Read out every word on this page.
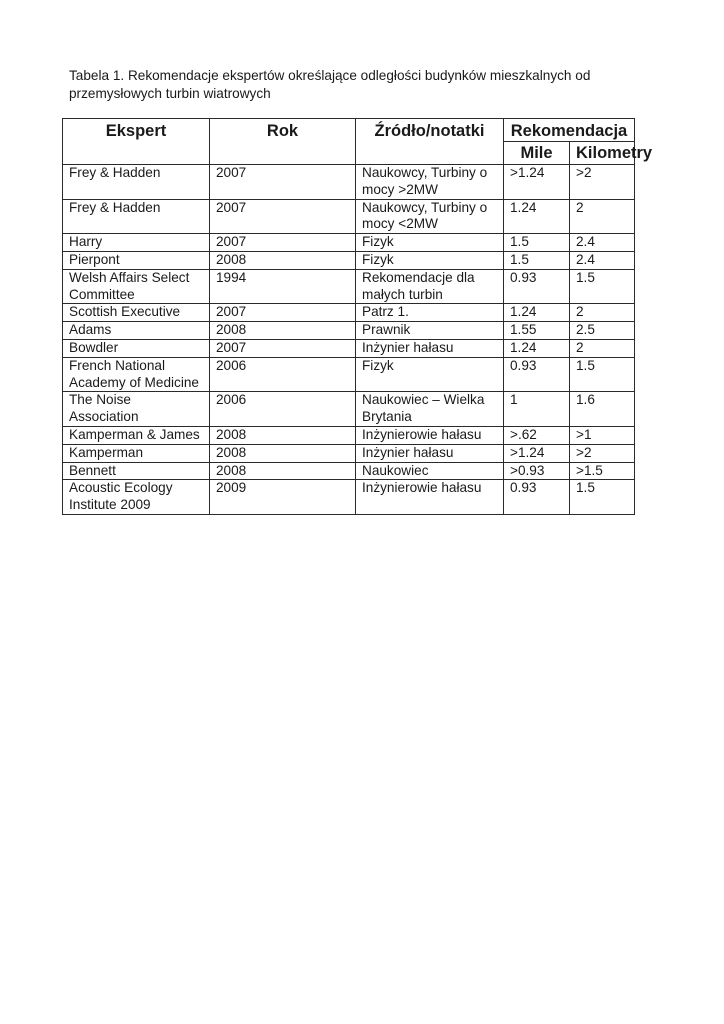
Tabela 1. Rekomendacje ekspertów określające odległości budynków mieszkalnych od przemysłowych turbin wiatrowych
Ekspert	Rok	Źródło/notatki	Rekomendacja	
			Mile	Kilometry
Frey & Hadden	2007	Naukowcy, Turbiny o mocy >2MW	>1.24	>2
Frey & Hadden	2007	Naukowcy, Turbiny o mocy <2MW	1.24	2
Harry	2007	Fizyk	1.5	2.4
Pierpont	2008	Fizyk	1.5	2.4
Welsh Affairs Select Committee	1994	Rekomendacje dla małych turbin	0.93	1.5
Scottish Executive	2007	Patrz 1.	1.24	2
Adams	2008	Prawnik	1.55	2.5
Bowdler	2007	Inżynier hałasu	1.24	2
French National Academy of Medicine	2006	Fizyk	0.93	1.5
The Noise Association	2006	Naukowiec – Wielka Brytania	1	1.6
Kamperman & James	2008	Inżynierowie hałasu	>.62	>1
Kamperman	2008	Inżynier hałasu	>1.24	>2
Bennett	2008	Naukowiec	>0.93	>1.5
Acoustic Ecology Institute 2009	2009	Inżynierowie hałasu	0.93	1.5
